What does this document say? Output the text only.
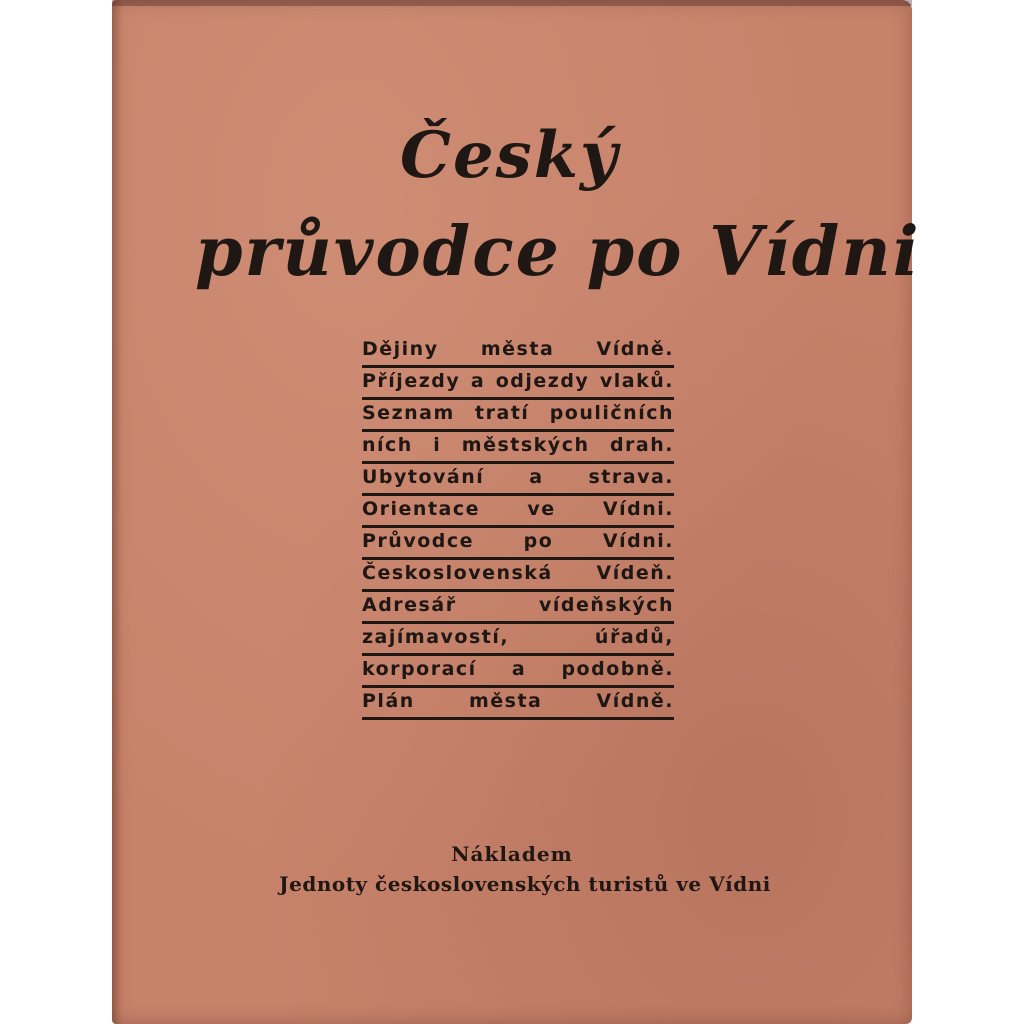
Český
průvodce po Vídni
Dějiny města Vídně.
Příjezdy a odjezdy vlaků.
Seznam tratí pouličních
ních i městských drah.
Ubytování a strava.
Orientace ve Vídni.
Průvodce po Vídni.
Československá Vídeň.
Adresář vídeňských
zajímavostí, úřadů,
korporací a podobně.
Plán města Vídně.
Nákladem
Jednoty československých turistů ve Vídni
